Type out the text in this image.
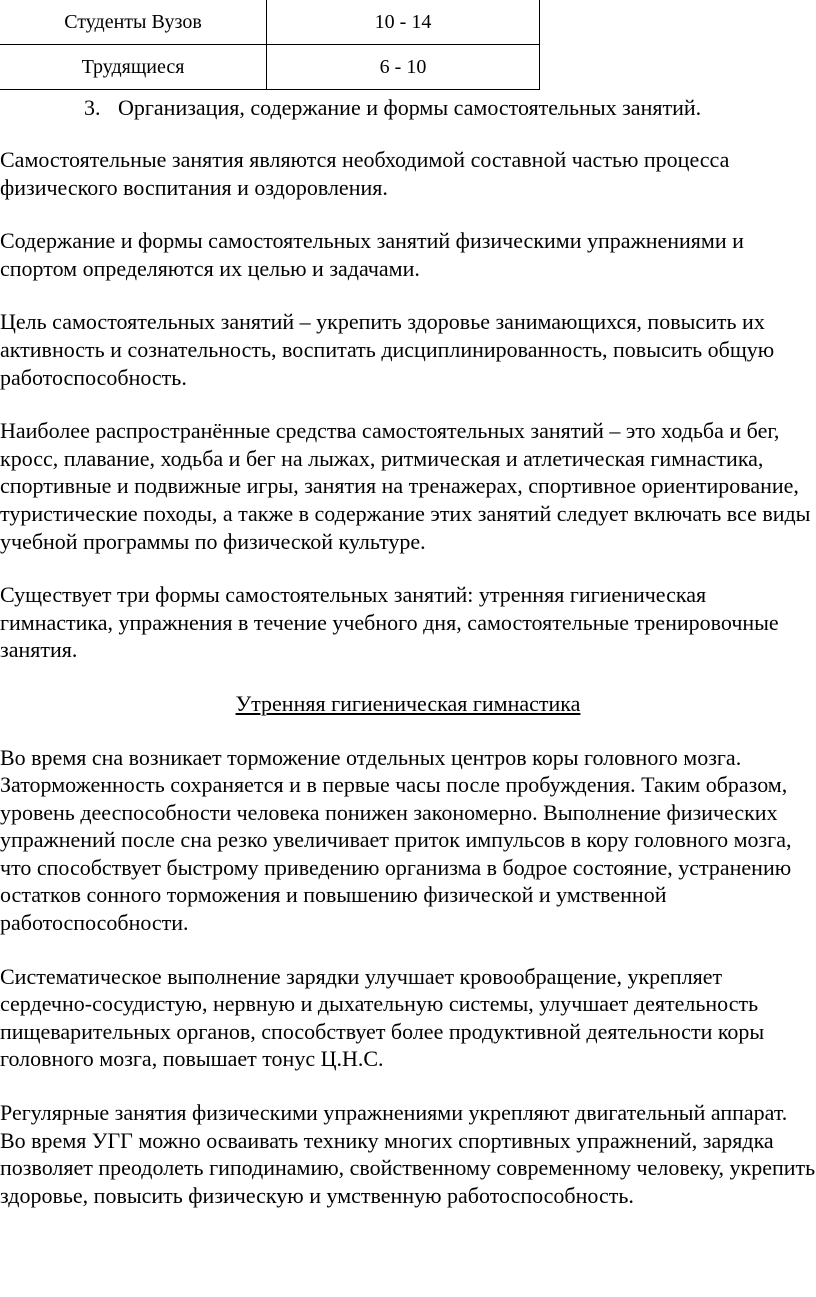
Студенты Вузов	10 - 14
Трудящиеся	6 - 10
3. Организация, содержание и формы самостоятельных занятий.

Самостоятельные занятия являются необходимой составной частью процесса физического воспитания и оздоровления.

Содержание и формы самостоятельных занятий физическими упражнениями и спортом определяются их целью и задачами.

Цель самостоятельных занятий – укрепить здоровье занимающихся, повысить их активность и сознательность, воспитать дисциплинированность, повысить общую работоспособность.

Наиболее распространённые средства самостоятельных занятий – это ходьба и бег, кросс, плавание, ходьба и бег на лыжах, ритмическая и атлетическая гимнастика, спортивные и подвижные игры, занятия на тренажерах, спортивное ориентирование, туристические походы, а также в содержание этих занятий следует включать все виды учебной программы по физической культуре.

Существует три формы самостоятельных занятий: утренняя гигиеническая гимнастика, упражнения в течение учебного дня, самостоятельные тренировочные занятия.

Утренняя гигиеническая гимнастика

Во время сна возникает торможение отдельных центров коры головного мозга. Заторможенность сохраняется и в первые часы после пробуждения. Таким образом, уровень дееспособности человека понижен закономерно. Выполнение физических упражнений после сна резко увеличивает приток импульсов в кору головного мозга, что способствует быстрому приведению организма в бодрое состояние, устранению остатков сонного торможения и повышению физической и умственной работоспособности.

Систематическое выполнение зарядки улучшает кровообращение, укрепляет сердечно-сосудистую, нервную и дыхательную системы, улучшает деятельность пищеварительных органов, способствует более продуктивной деятельности коры головного мозга, повышает тонус Ц.Н.С.

Регулярные занятия физическими упражнениями укрепляют двигательный аппарат. Во время УГГ можно осваивать технику многих спортивных упражнений, зарядка позволяет преодолеть гиподинамию, свойственному современному человеку, укрепить здоровье, повысить физическую и умственную работоспособность.
